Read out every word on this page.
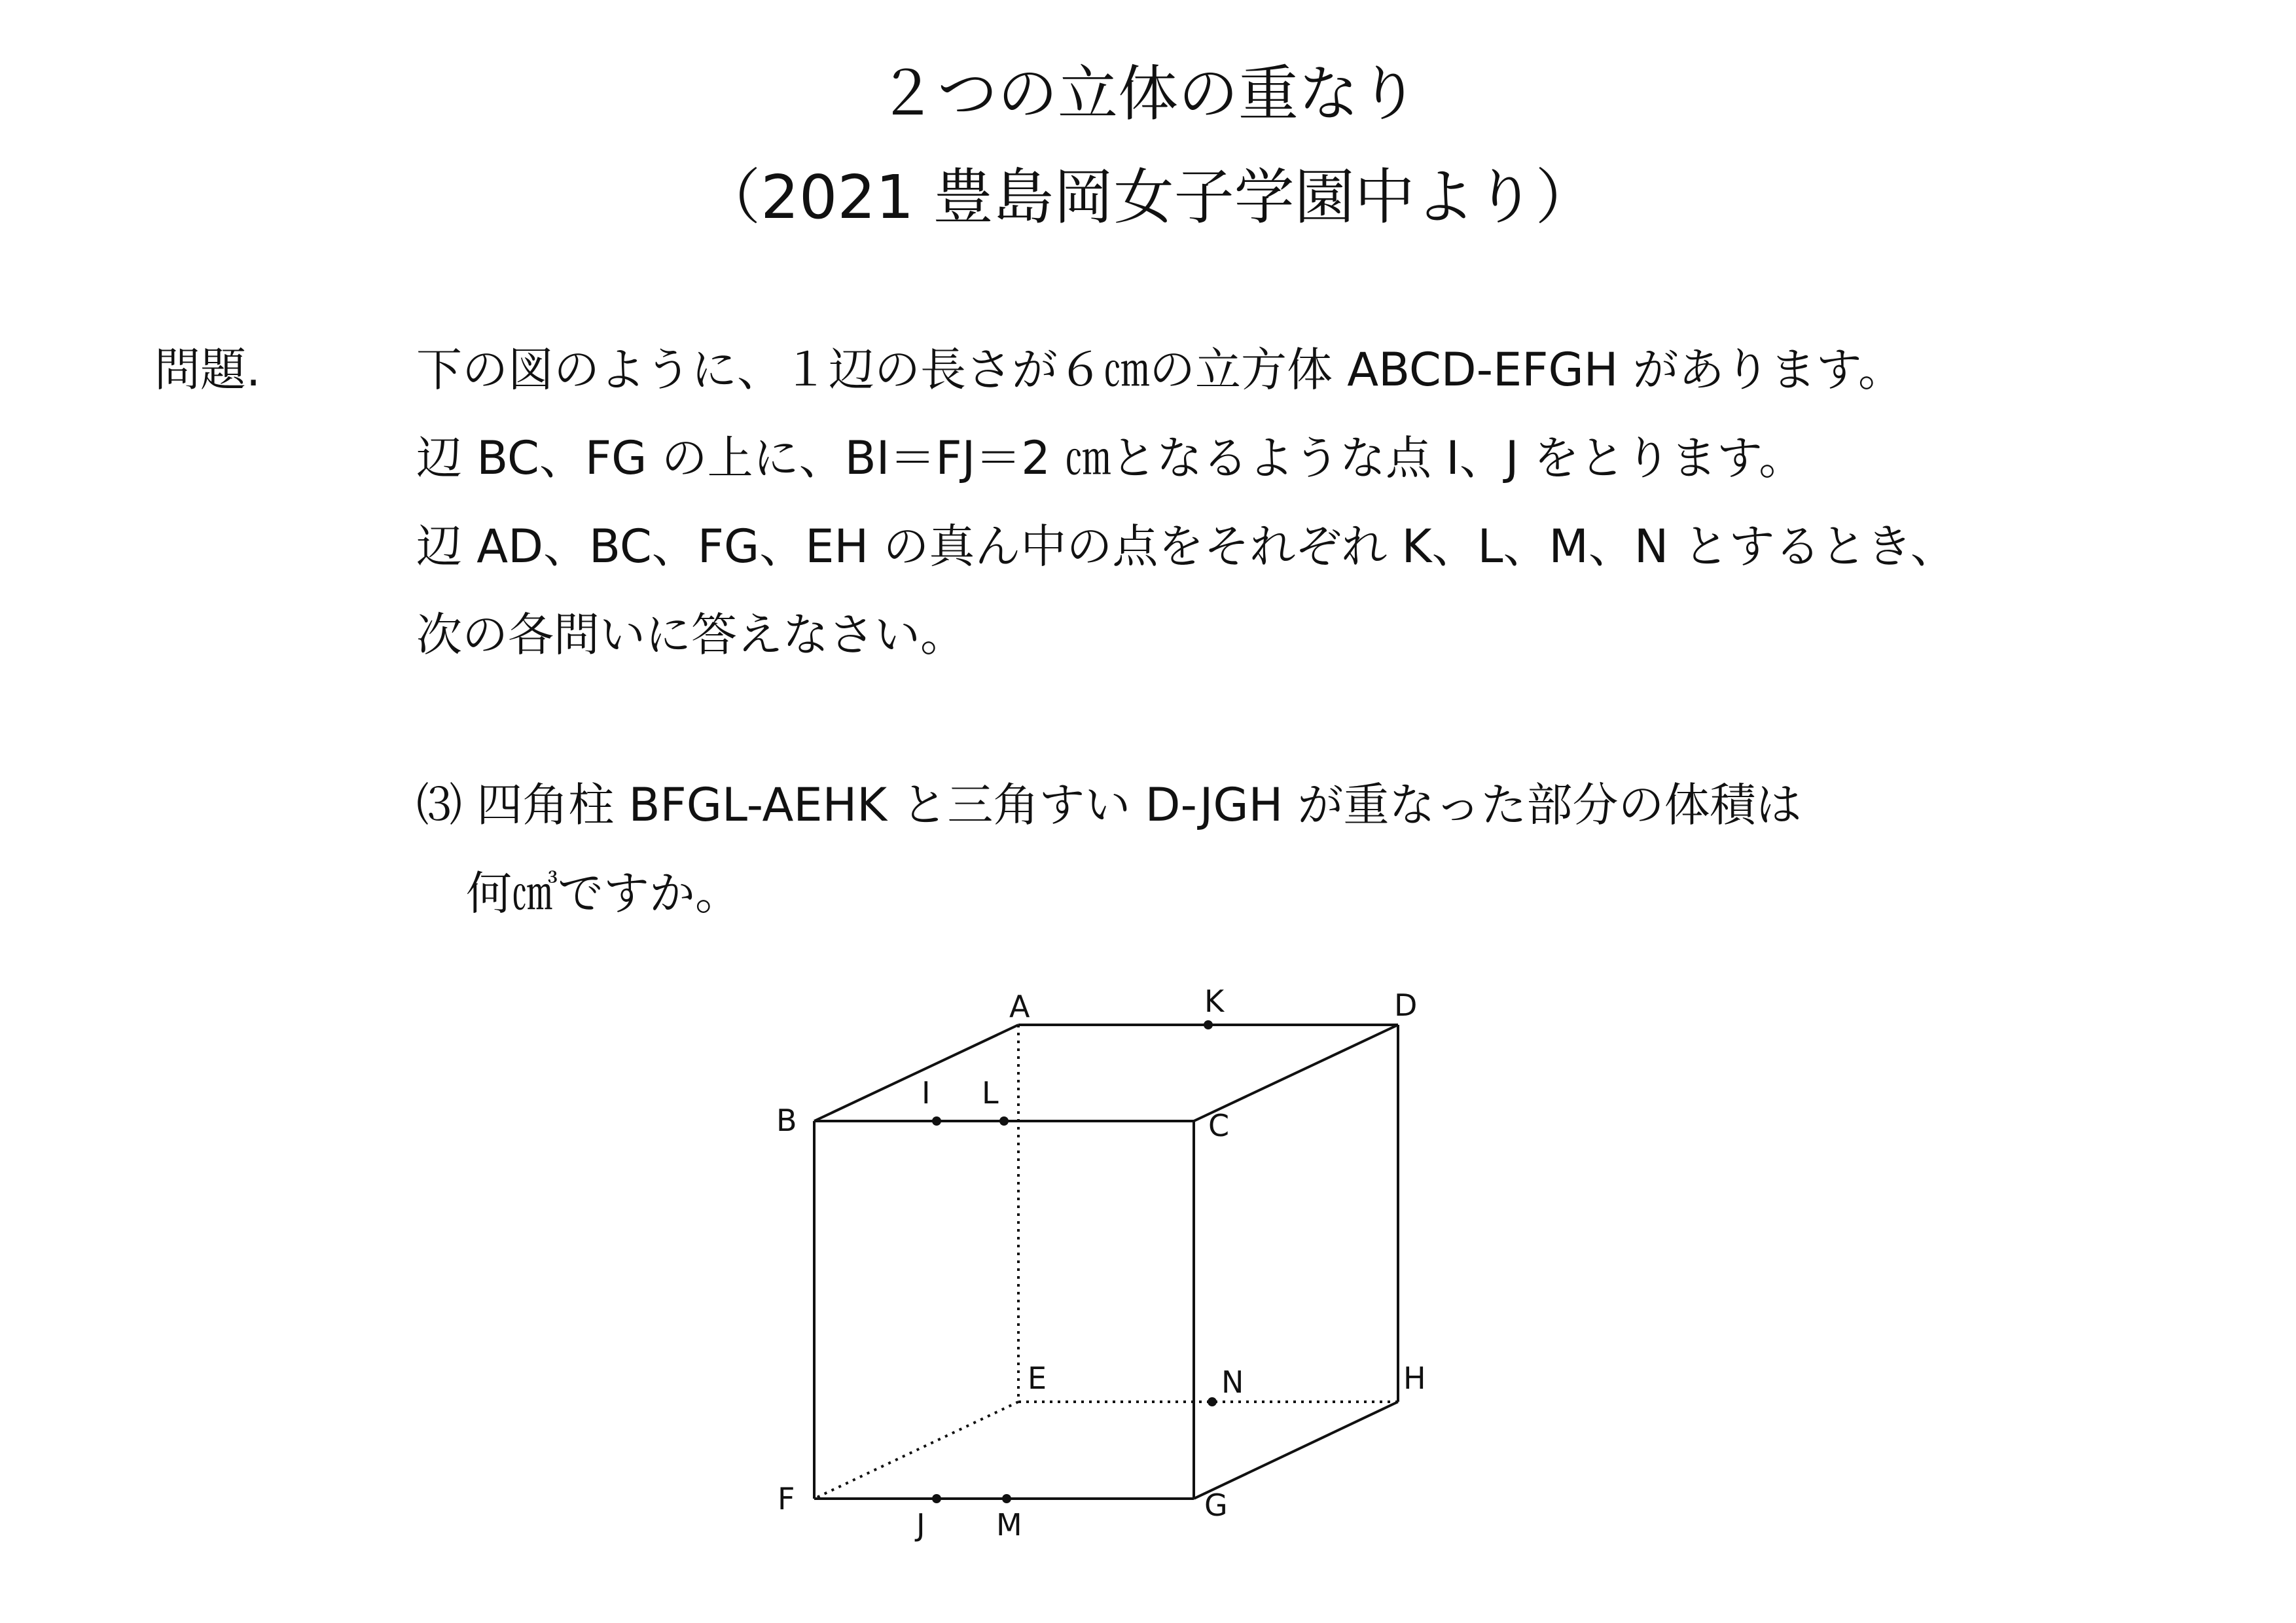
２つの立体の重なり
（2021 豊島岡女子学園中より）
問題.	下の図のように、１辺の長さが６㎝の立方体 ABCD-EFGH があります。
辺 BC、FG の上に、BI＝FJ＝2 ㎝となるような点 I、J をとります。
辺 AD、BC、FG、EH の真ん中の点をそれぞれ K、L、M、N とするとき、
次の各問いに答えなさい。
⑶ 四角柱 BFGL-AEHK と三角すい D-JGH が重なった部分の体積は
何㎤ですか。
A	K	D
I L
B	C
E	N	H
F	G
J M
